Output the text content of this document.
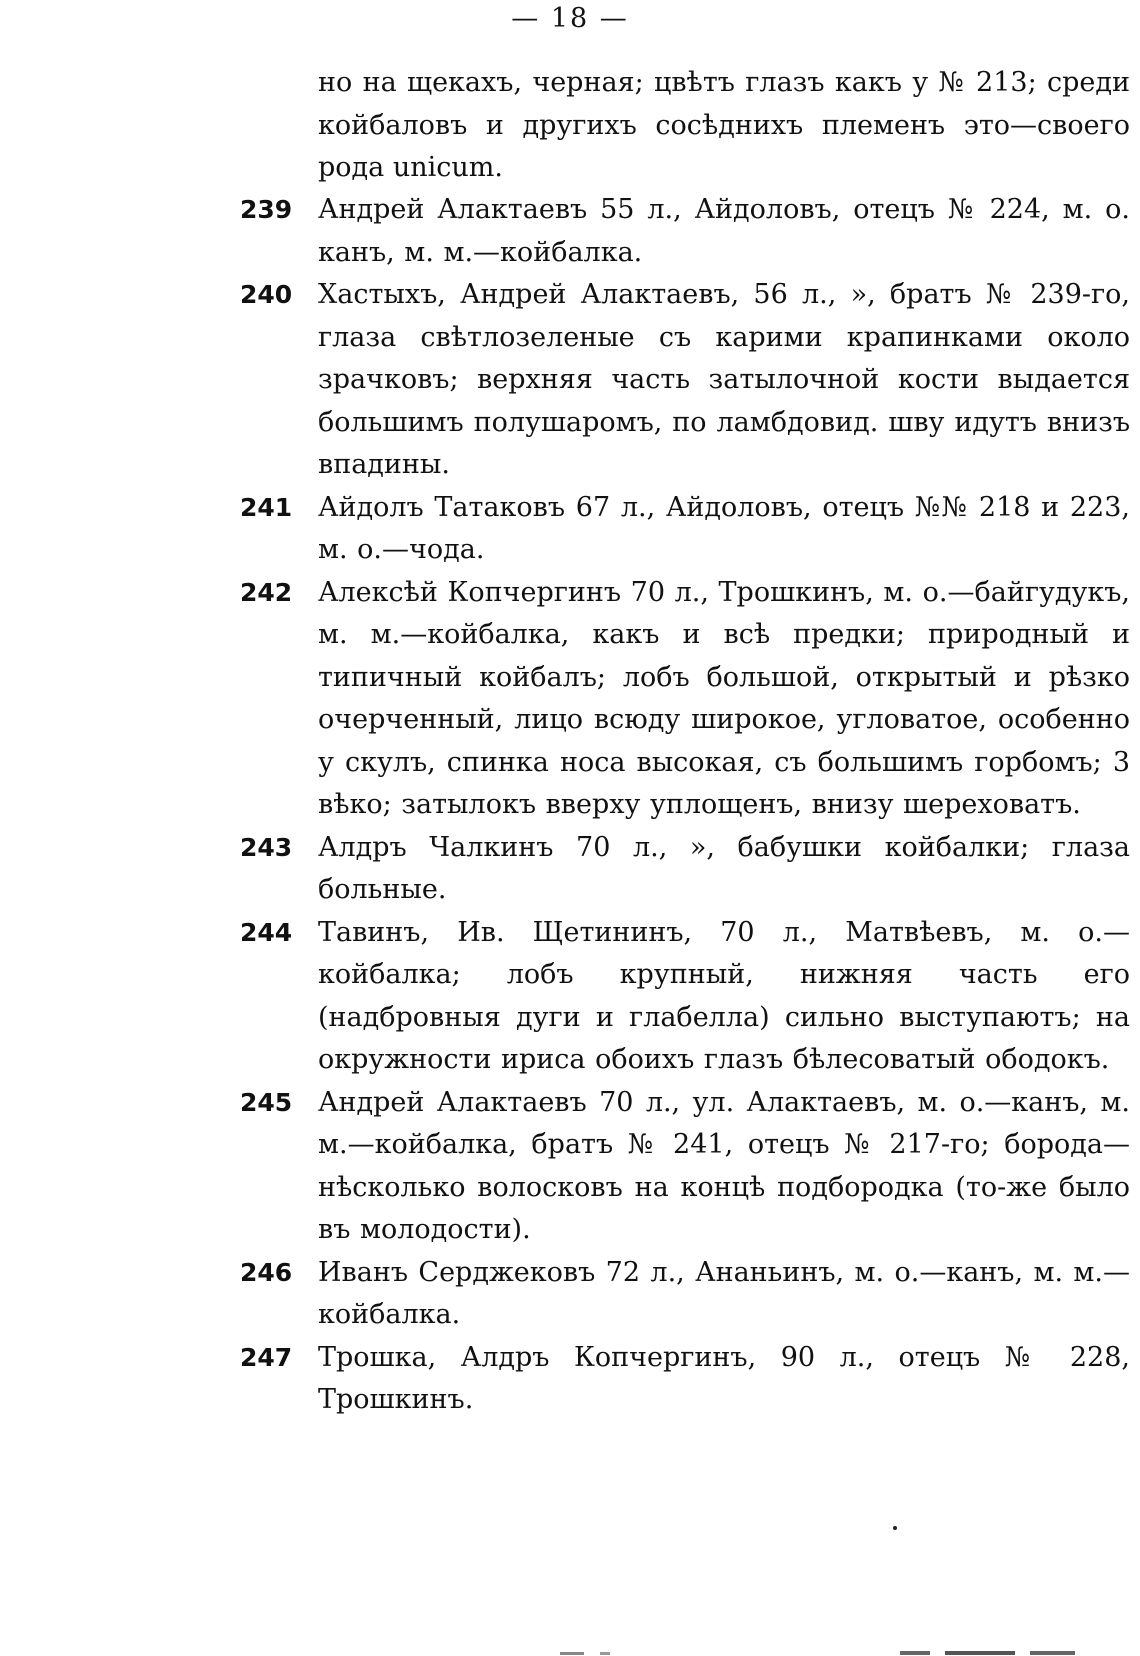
— 18 —
но на щекахъ, черная; цвѣтъ глазъ какъ у № 213; среди койбаловъ и другихъ сосѣднихъ племенъ это—своего рода unicum.
239 Андрей Алактаевъ 55 л., Айдоловъ, отецъ № 224, м. о. канъ, м. м.—койбалка.
240 Хастыхъ, Андрей Алактаевъ, 56 л., », братъ № 239-го, глаза свѣтлозеленые съ карими крапинками около зрачковъ; верхняя часть затылочной кости выдается большимъ полушаромъ, по ламбдовид. шву идутъ внизъ впадины.
241 Айдолъ Татаковъ 67 л., Айдоловъ, отецъ №№ 218 и 223, м. о.—чода.
242 Алексѣй Копчергинъ 70 л., Трошкинъ, м. о.—байгудукъ, м. м.—койбалка, какъ и всѣ предки; природный и типичный койбалъ; лобъ большой, открытый и рѣзко очерченный, лицо всюду широкое, угловатое, особенно у скулъ, спинка носа высокая, съ большимъ горбомъ; 3 вѣко; затылокъ вверху уплощенъ, внизу шереховатъ.
243 Алдръ Чалкинъ 70 л., », бабушки койбалки; глаза больные.
244 Тавинъ, Ив. Щетининъ, 70 л., Матвѣевъ, м. о.—койбалка; лобъ крупный, нижняя часть его (надбровныя дуги и глабелла) сильно выступаютъ; на окружности ириса обоихъ глазъ бѣлесоватый ободокъ.
245 Андрей Алактаевъ 70 л., ул. Алактаевъ, м. о.—канъ, м. м.—койбалка, братъ № 241, отецъ № 217-го; борода—нѣсколько волосковъ на концѣ подбородка (то-же было въ молодости).
246 Иванъ Серджековъ 72 л., Ананьинъ, м. о.—канъ, м. м.—койбалка.
247 Трошка, Алдръ Копчергинъ, 90 л., отецъ № 228, Трошкинъ.
